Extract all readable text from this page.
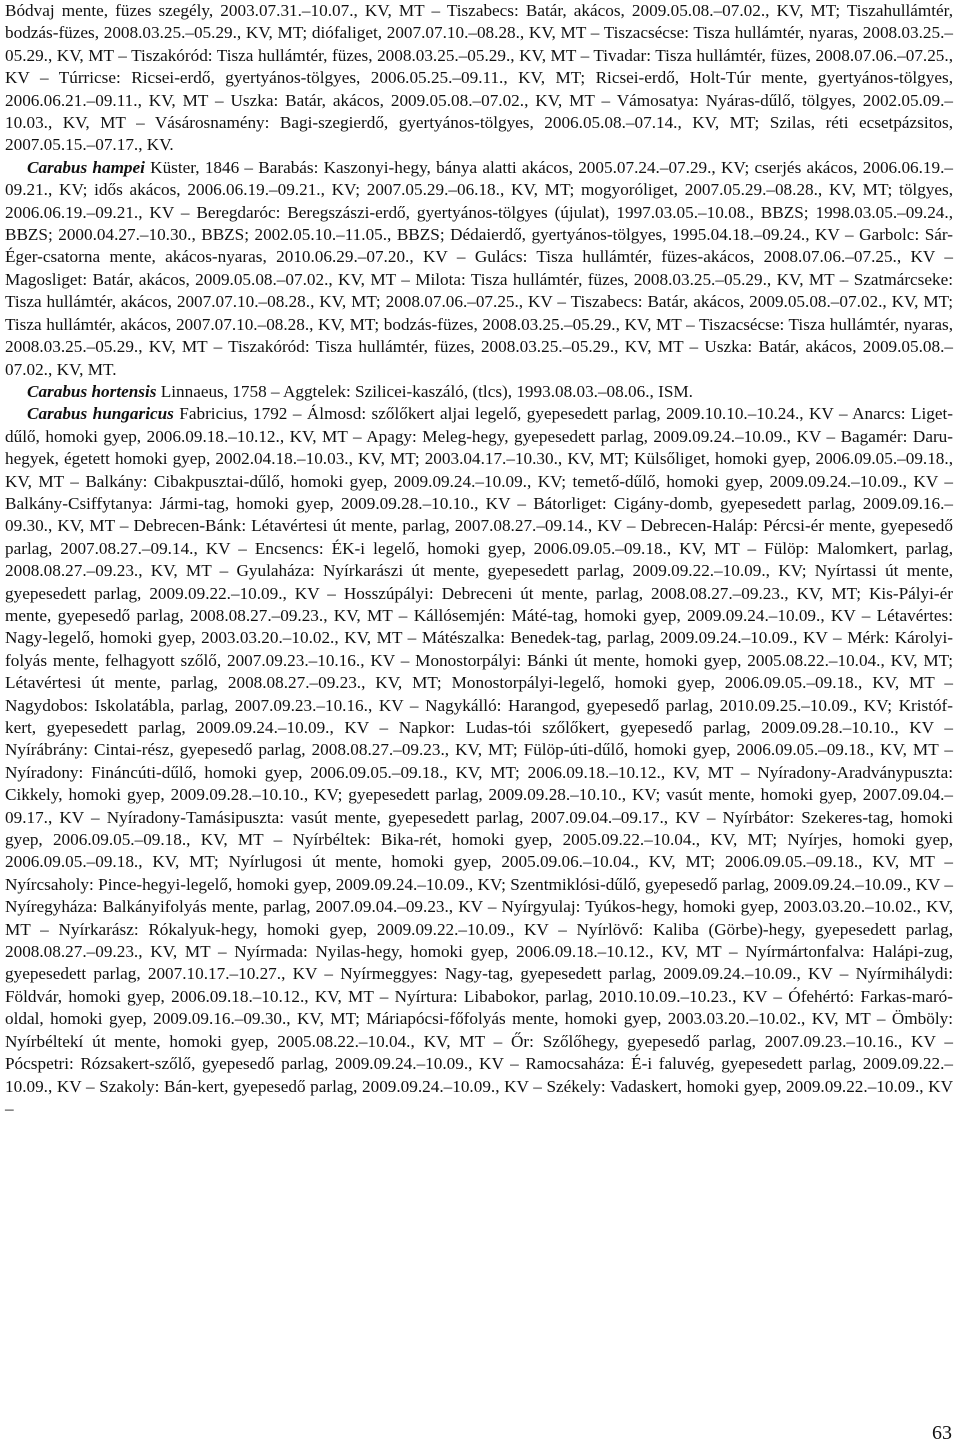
Bódvaj mente, füzes szegély, 2003.07.31.–10.07., KV, MT – Tiszabecs: Batár, akácos, 2009.05.08.–07.02., KV, MT; Tiszahullámtér, bodzás-füzes, 2008.03.25.–05.29., KV, MT; diófaliget, 2007.07.10.–08.28., KV, MT – Tiszacsécse: Tisza hullámtér, nyaras, 2008.03.25.–05.29., KV, MT – Tiszakóród: Tisza hullámtér, füzes, 2008.03.25.–05.29., KV, MT – Tivadar: Tisza hullámtér, füzes, 2008.07.06.–07.25., KV – Túrricse: Ricsei-erdő, gyertyános-tölgyes, 2006.05.25.–09.11., KV, MT; Ricsei-erdő, Holt-Túr mente, gyertyános-tölgyes, 2006.06.21.–09.11., KV, MT – Uszka: Batár, akácos, 2009.05.08.–07.02., KV, MT – Vámosatya: Nyáras-dűlő, tölgyes, 2002.05.09.–10.03., KV, MT – Vásárosnamény: Bagi-szegierdő, gyertyános-tölgyes, 2006.05.08.–07.14., KV, MT; Szilas, réti ecsetpázsitos, 2007.05.15.–07.17., KV.

Carabus hampei Küster, 1846 – Barabás: Kaszonyi-hegy, bánya alatti akácos, 2005.07.24.–07.29., KV; cserjés akácos, 2006.06.19.–09.21., KV; idős akácos, 2006.06.19.–09.21., KV; 2007.05.29.–06.18., KV, MT; mogyoróliget, 2007.05.29.–08.28., KV, MT; tölgyes, 2006.06.19.–09.21., KV – Beregdaróc: Beregszászi-erdő, gyertyános-tölgyes (újulat), 1997.03.05.–10.08., BBZS; 1998.03.05.–09.24., BBZS; 2000.04.27.–10.30., BBZS; 2002.05.10.–11.05., BBZS; Dédaierdő, gyertyános-tölgyes, 1995.04.18.–09.24., KV – Garbolc: Sár-Éger-csatorna mente, akácos-nyaras, 2010.06.29.–07.20., KV – Gulács: Tisza hullámtér, füzes-akácos, 2008.07.06.–07.25., KV – Magosliget: Batár, akácos, 2009.05.08.–07.02., KV, MT – Milota: Tisza hullámtér, füzes, 2008.03.25.–05.29., KV, MT – Szatmárcseke: Tisza hullámtér, akácos, 2007.07.10.–08.28., KV, MT; 2008.07.06.–07.25., KV – Tiszabecs: Batár, akácos, 2009.05.08.–07.02., KV, MT; Tisza hullámtér, akácos, 2007.07.10.–08.28., KV, MT; bodzás-füzes, 2008.03.25.–05.29., KV, MT – Tiszacsécse: Tisza hullámtér, nyaras, 2008.03.25.–05.29., KV, MT – Tiszakóród: Tisza hullámtér, füzes, 2008.03.25.–05.29., KV, MT – Uszka: Batár, akácos, 2009.05.08.–07.02., KV, MT.

Carabus hortensis Linnaeus, 1758 – Aggtelek: Szilicei-kaszáló, (tlcs), 1993.08.03.–08.06., ISM.

Carabus hungaricus Fabricius, 1792 – Álmosd: szőlőkert aljai legelő, gyepesedett parlag, 2009.10.10.–10.24., KV – Anarcs: Liget-dűlő, homoki gyep, 2006.09.18.–10.12., KV, MT – Apagy: Meleg-hegy, gyepesedett parlag, 2009.09.24.–10.09., KV – Bagamér: Daru-hegyek, égetett homoki gyep, 2002.04.18.–10.03., KV, MT; 2003.04.17.–10.30., KV, MT; Külsőliget, homoki gyep, 2006.09.05.–09.18., KV, MT – Balkány: Cibakpusztai-dűlő, homoki gyep, 2009.09.24.–10.09., KV; temető-dűlő, homoki gyep, 2009.09.24.–10.09., KV – Balkány-Csiffytanya: Jármi-tag, homoki gyep, 2009.09.28.–10.10., KV – Bátorliget: Cigány-domb, gyepesedett parlag, 2009.09.16.–09.30., KV, MT – Debrecen-Bánk: Létavértesi út mente, parlag, 2007.08.27.–09.14., KV – Debrecen-Haláp: Pércsi-ér mente, gyepesedő parlag, 2007.08.27.–09.14., KV – Encsencs: ÉK-i legelő, homoki gyep, 2006.09.05.–09.18., KV, MT – Fülöp: Malomkert, parlag, 2008.08.27.–09.23., KV, MT – Gyulaháza: Nyírkarászi út mente, gyepesedett parlag, 2009.09.22.–10.09., KV; Nyírtassi út mente, gyepesedett parlag, 2009.09.22.–10.09., KV – Hosszúpályi: Debreceni út mente, parlag, 2008.08.27.–09.23., KV, MT; Kis-Pályi-ér mente, gyepesedő parlag, 2008.08.27.–09.23., KV, MT – Kállósemjén: Máté-tag, homoki gyep, 2009.09.24.–10.09., KV – Létavértes: Nagy-legelő, homoki gyep, 2003.03.20.–10.02., KV, MT – Mátészalka: Benedek-tag, parlag, 2009.09.24.–10.09., KV – Mérk: Károlyi-folyás mente, felhagyott szőlő, 2007.09.23.–10.16., KV – Monostorpályi: Bánki út mente, homoki gyep, 2005.08.22.–10.04., KV, MT; Létavértesi út mente, parlag, 2008.08.27.–09.23., KV, MT; Monostorpályi-legelő, homoki gyep, 2006.09.05.–09.18., KV, MT – Nagydobos: Iskolatábla, parlag, 2007.09.23.–10.16., KV – Nagykálló: Harangod, gyepesedő parlag, 2010.09.25.–10.09., KV; Kristóf-kert, gyepesedett parlag, 2009.09.24.–10.09., KV – Napkor: Ludas-tói szőlőkert, gyepesedő parlag, 2009.09.28.–10.10., KV – Nyírábrány: Cintai-rész, gyepesedő parlag, 2008.08.27.–09.23., KV, MT; Fülöp-úti-dűlő, homoki gyep, 2006.09.05.–09.18., KV, MT – Nyíradony: Fináncúti-dűlő, homoki gyep, 2006.09.05.–09.18., KV, MT; 2006.09.18.–10.12., KV, MT – Nyíradony-Aradványpuszta: Cikkely, homoki gyep, 2009.09.28.–10.10., KV; gyepesedett parlag, 2009.09.28.–10.10., KV; vasút mente, homoki gyep, 2007.09.04.–09.17., KV – Nyíradony-Tamásipuszta: vasút mente, gyepesedett parlag, 2007.09.04.–09.17., KV – Nyírbátor: Szekeres-tag, homoki gyep, 2006.09.05.–09.18., KV, MT – Nyírbéltek: Bika-rét, homoki gyep, 2005.09.22.–10.04., KV, MT; Nyírjes, homoki gyep, 2006.09.05.–09.18., KV, MT; Nyírlugosi út mente, homoki gyep, 2005.09.06.–10.04., KV, MT; 2006.09.05.–09.18., KV, MT – Nyírcsaholy: Pince-hegyi-legelő, homoki gyep, 2009.09.24.–10.09., KV; Szentmiklósi-dűlő, gyepesedő parlag, 2009.09.24.–10.09., KV – Nyíregyháza: Balkányifolyás mente, parlag, 2007.09.04.–09.23., KV – Nyírgyulaj: Tyúkos-hegy, homoki gyep, 2003.03.20.–10.02., KV, MT – Nyírkarász: Rókalyuk-hegy, homoki gyep, 2009.09.22.–10.09., KV – Nyírlövő: Kaliba (Görbe)-hegy, gyepesedett parlag, 2008.08.27.–09.23., KV, MT – Nyírmada: Nyilas-hegy, homoki gyep, 2006.09.18.–10.12., KV, MT – Nyírmártonfalva: Halápi-zug, gyepesedett parlag, 2007.10.17.–10.27., KV – Nyírmeggyes: Nagy-tag, gyepesedett parlag, 2009.09.24.–10.09., KV – Nyírmihálydi: Földvár, homoki gyep, 2006.09.18.–10.12., KV, MT – Nyírtura: Libabokor, parlag, 2010.10.09.–10.23., KV – Ófehértó: Farkas-maró-oldal, homoki gyep, 2009.09.16.–09.30., KV, MT; Máriapócsi-főfolyás mente, homoki gyep, 2003.03.20.–10.02., KV, MT – Ömböly: Nyírbéltekí út mente, homoki gyep, 2005.08.22.–10.04., KV, MT – Őr: Szőlőhegy, gyepesedő parlag, 2007.09.23.–10.16., KV – Pócspetri: Rózsakert-szőlő, gyepesedő parlag, 2009.09.24.–10.09., KV – Ramocsaháza: É-i faluvég, gyepesedett parlag, 2009.09.22.–10.09., KV – Szakoly: Bán-kert, gyepesedő parlag, 2009.09.24.–10.09., KV – Székely: Vadaskert, homoki gyep, 2009.09.22.–10.09., KV –

63
